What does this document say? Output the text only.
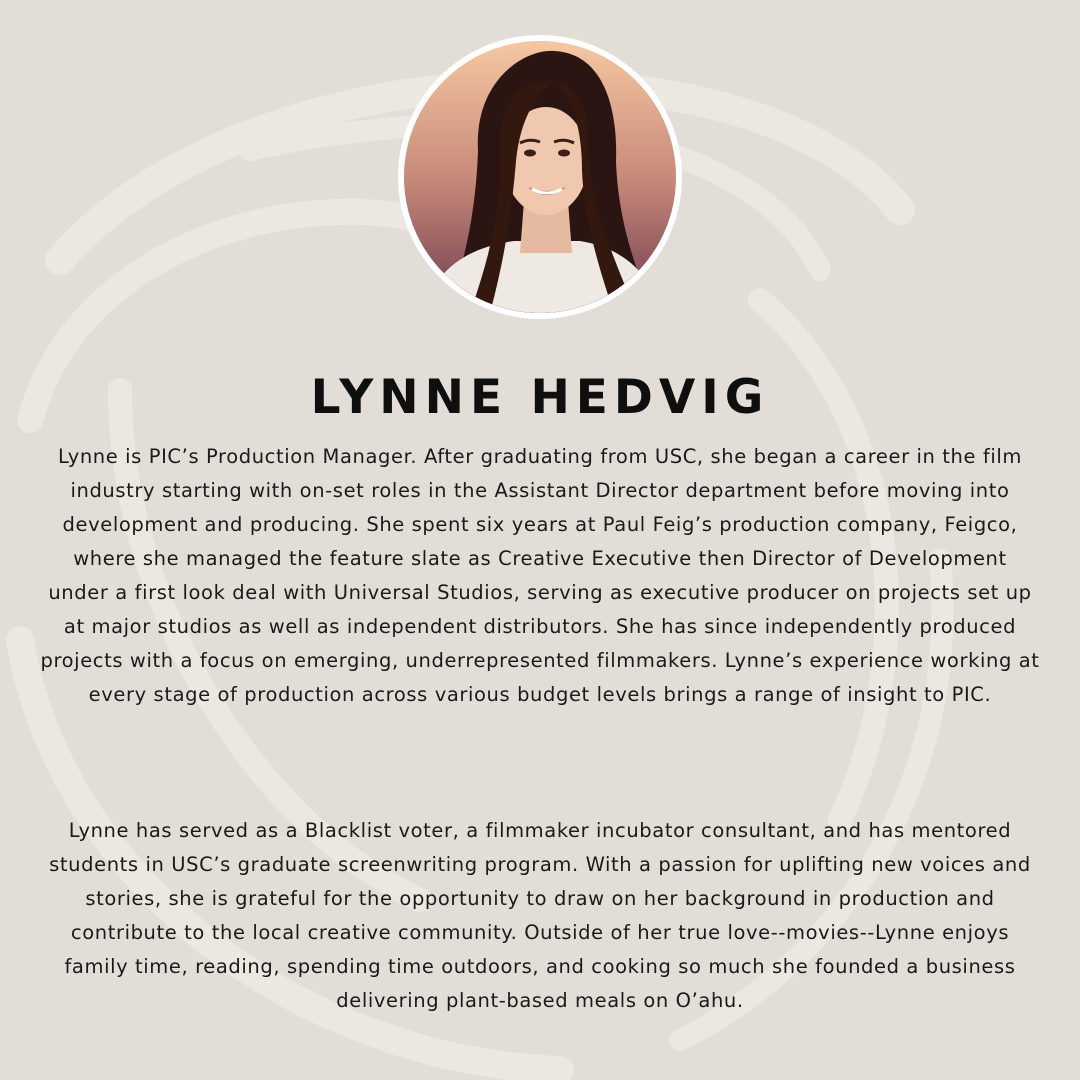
LYNNE HEDVIG

Lynne is PIC’s Production Manager. After graduating from USC, she began a career in the film industry starting with on-set roles in the Assistant Director department before moving into development and producing. She spent six years at Paul Feig’s production company, Feigco, where she managed the feature slate as Creative Executive then Director of Development under a first look deal with Universal Studios, serving as executive producer on projects set up at major studios as well as independent distributors. She has since independently produced projects with a focus on emerging, underrepresented filmmakers. Lynne’s experience working at every stage of production across various budget levels brings a range of insight to PIC.

Lynne has served as a Blacklist voter, a filmmaker incubator consultant, and has mentored students in USC’s graduate screenwriting program. With a passion for uplifting new voices and stories, she is grateful for the opportunity to draw on her background in production and contribute to the local creative community. Outside of her true love--movies--Lynne enjoys family time, reading, spending time outdoors, and cooking so much she founded a business delivering plant-based meals on O’ahu.
